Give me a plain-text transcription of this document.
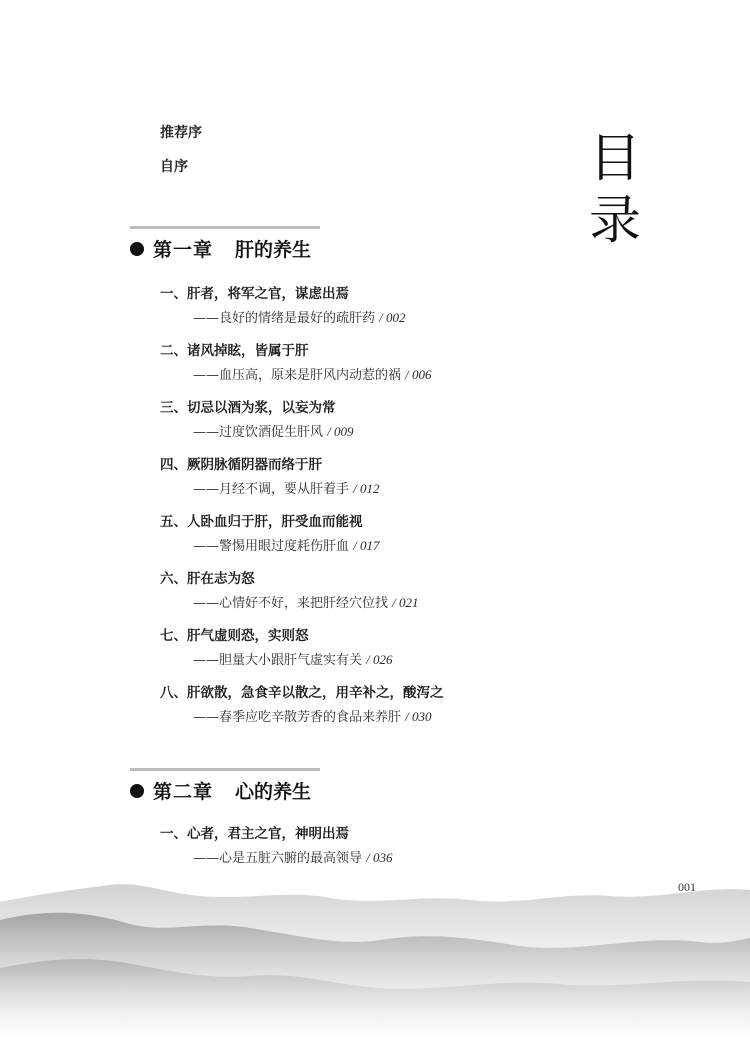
目
录
推荐序
自序
第一章 肝的养生
一、肝者，将军之官，谋虑出焉
——良好的情绪是最好的疏肝药 / 002
二、诸风掉眩，皆属于肝
——血压高，原来是肝风内动惹的祸 / 006
三、切忌以酒为浆，以妄为常
——过度饮酒促生肝风 / 009
四、厥阴脉循阴器而络于肝
——月经不调，要从肝着手 / 012
五、人卧血归于肝，肝受血而能视
——警惕用眼过度耗伤肝血 / 017
六、肝在志为怒
——心情好不好，来把肝经穴位找 / 021
七、肝气虚则恐，实则怒
——胆量大小跟肝气虚实有关 / 026
八、肝欲散，急食辛以散之，用辛补之，酸泻之
——春季应吃辛散芳香的食品来养肝 / 030
第二章 心的养生
一、心者，君主之官，神明出焉
——心是五脏六腑的最高领导 / 036
001
